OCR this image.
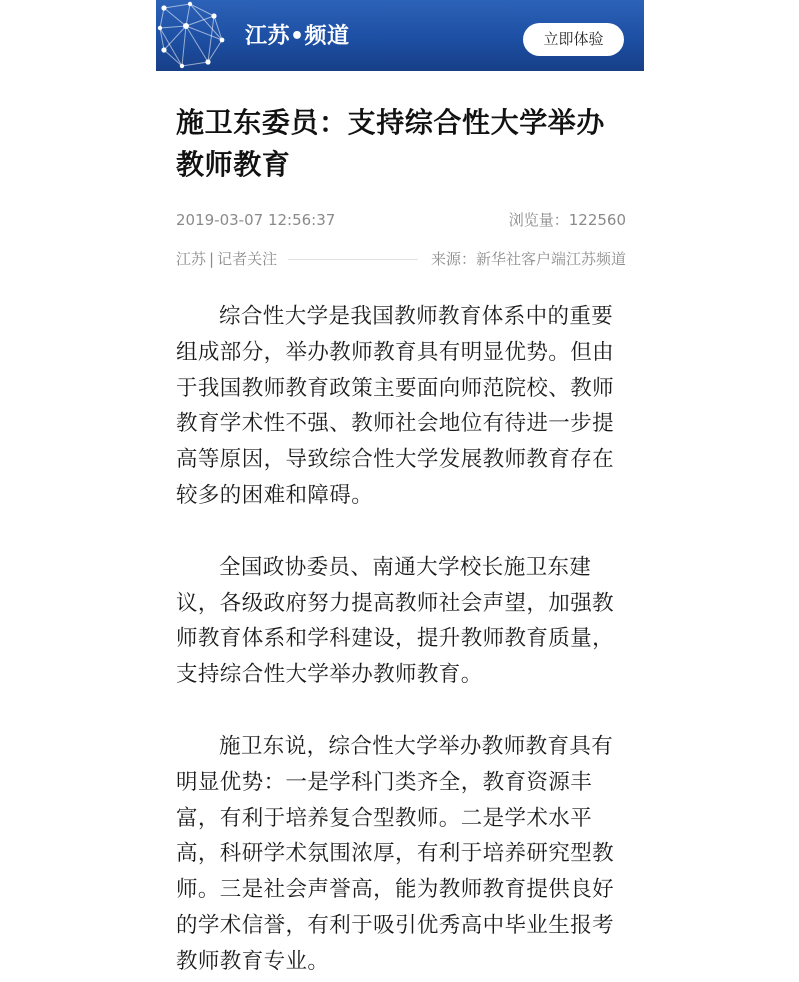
江苏•频道	立即体验
施卫东委员：支持综合性大学举办教师教育
2019-03-07 12:56:37	浏览量：122560
江苏 | 记者关注	来源：新华社客户端江苏频道

综合性大学是我国教师教育体系中的重要组成部分，举办教师教育具有明显优势。但由于我国教师教育政策主要面向师范院校、教师教育学术性不强、教师社会地位有待进一步提高等原因，导致综合性大学发展教师教育存在较多的困难和障碍。

全国政协委员、南通大学校长施卫东建议，各级政府努力提高教师社会声望，加强教师教育体系和学科建设，提升教师教育质量，支持综合性大学举办教师教育。

施卫东说，综合性大学举办教师教育具有明显优势：一是学科门类齐全，教育资源丰富，有利于培养复合型教师。二是学术水平高，科研学术氛围浓厚，有利于培养研究型教师。三是社会声誉高，能为教师教育提供良好的学术信誉，有利于吸引优秀高中毕业生报考教师教育专业。
